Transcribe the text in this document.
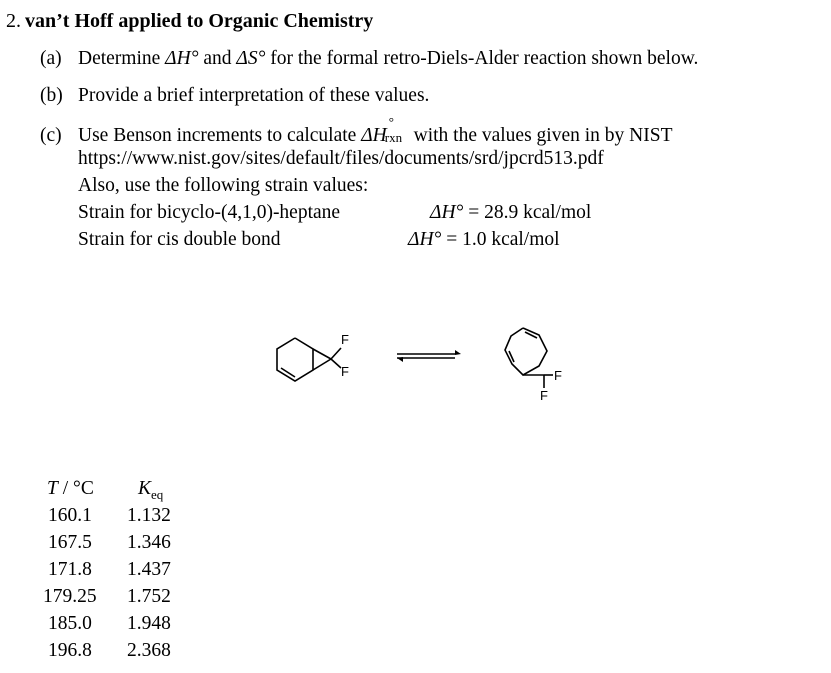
2. van’t Hoff applied to Organic Chemistry
(a) Determine ΔH° and ΔS° for the formal retro-Diels-Alder reaction shown below.
(b) Provide a brief interpretation of these values.
(c) Use Benson increments to calculate ΔH
°
rxn with the values given in by NIST
https://www.nist.gov/sites/default/files/documents/srd/jpcrd513.pdf
Also, use the following strain values:
Strain for bicyclo-(4,1,0)-heptane	ΔH° = 28.9 kcal/mol
Strain for cis double bond	ΔH° = 1.0 kcal/mol
F
F	F
F
T / °C $K_{eq}$
160.1 1.132
167.5 1.346
171.8 1.437
179.25 1.752
185.0 1.948
196.8 2.368
